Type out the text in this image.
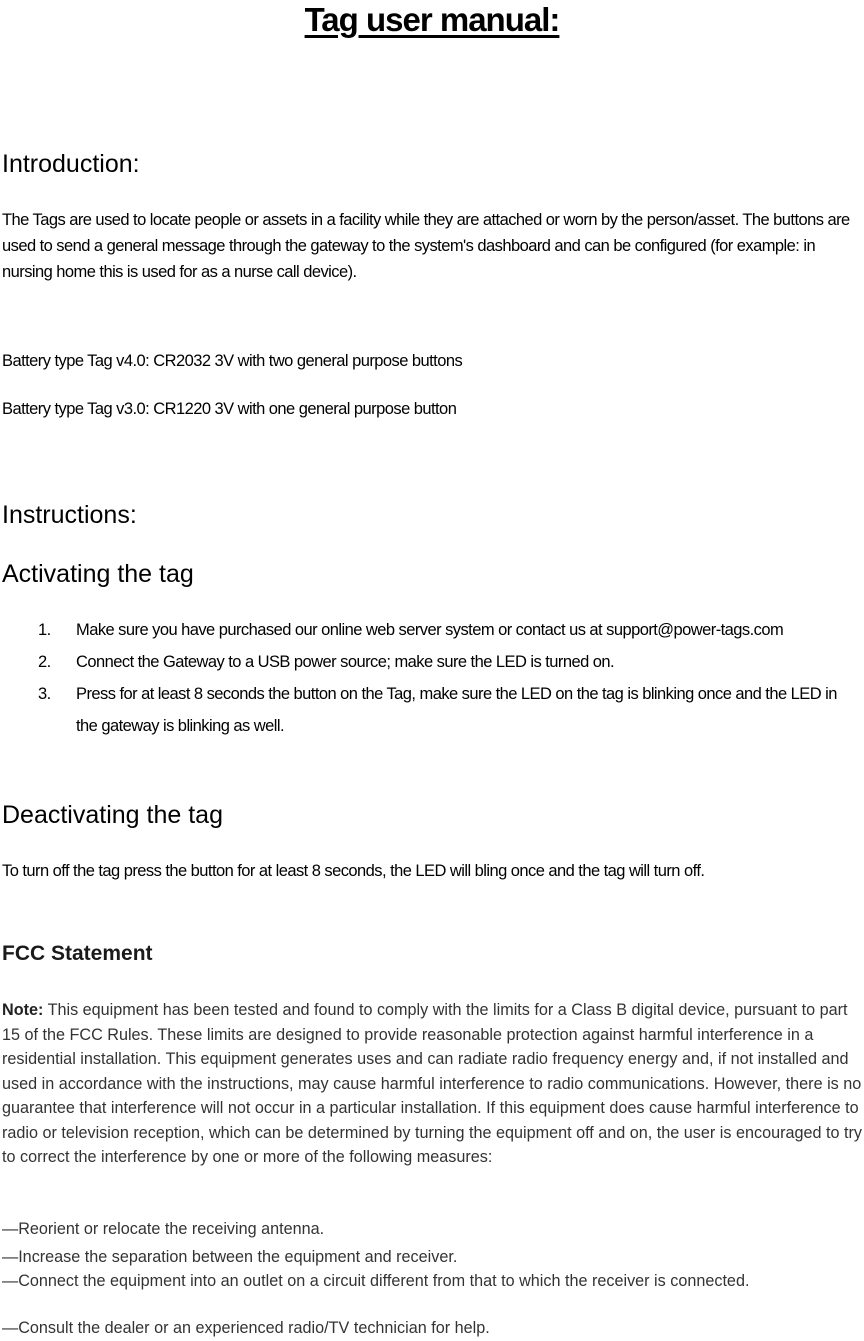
Tag user manual:
Introduction:

The Tags are used to locate people or assets in a facility while they are attached or worn by the person/asset. The buttons are used to send a general message through the gateway to the system's dashboard and can be configured (for example: in nursing home this is used for as a nurse call device).

Battery type Tag v4.0: CR2032 3V with two general purpose buttons

Battery type Tag v3.0: CR1220 3V with one general purpose button

Instructions:
Activating the tag
1. Make sure you have purchased our online web server system or contact us at support@power-tags.com
2. Connect the Gateway to a USB power source; make sure the LED is turned on.
3. Press for at least 8 seconds the button on the Tag, make sure the LED on the tag is blinking once and the LED in the gateway is blinking as well.
Deactivating the tag

To turn off the tag press the button for at least 8 seconds, the LED will bling once and the tag will turn off.

FCC Statement

Note: This equipment has been tested and found to comply with the limits for a Class B digital device, pursuant to part 15 of the FCC Rules. These limits are designed to provide reasonable protection against harmful interference in a residential installation. This equipment generates uses and can radiate radio frequency energy and, if not installed and used in accordance with the instructions, may cause harmful interference to radio communications. However, there is no guarantee that interference will not occur in a particular installation. If this equipment does cause harmful interference to radio or television reception, which can be determined by turning the equipment off and on, the user is encouraged to try to correct the interference by one or more of the following measures:

—Reorient or relocate the receiving antenna.

—Increase the separation between the equipment and receiver.

—Connect the equipment into an outlet on a circuit different from that to which the receiver is connected.

—Consult the dealer or an experienced radio/TV technician for help.
